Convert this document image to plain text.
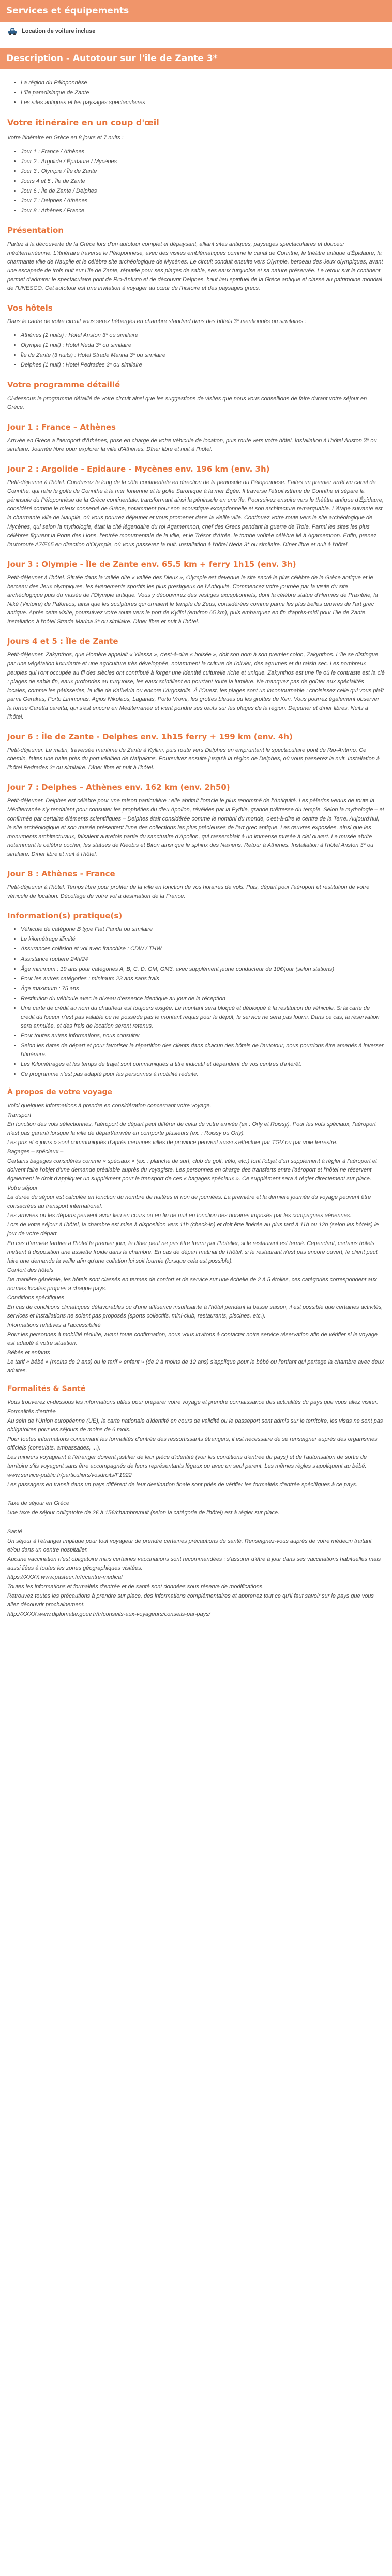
Services et équipements
Location de voiture incluse
Description - Autotour sur l'île de Zante 3*
• La région du Péloponnèse
• L'île paradisiaque de Zante
• Les sites antiques et les paysages spectaculaires
Votre itinéraire en un coup d'œil

Votre itinéraire en Grèce en 8 jours et 7 nuits :

• Jour 1 : France / Athènes
• Jour 2 : Argolide / Épidaure / Mycènes
• Jour 3 : Olympie / Île de Zante
• Jours 4 et 5 : Île de Zante
• Jour 6 : Île de Zante / Delphes
• Jour 7 : Delphes / Athènes
• Jour 8 : Athènes / France
Présentation

Partez à la découverte de la Grèce lors d'un autotour complet et dépaysant, alliant sites antiques, paysages spectaculaires et douceur méditerranéenne. L'itinéraire traverse le Péloponnèse, avec des visites emblématiques comme le canal de Corinthe, le théâtre antique d'Épidaure, la charmante ville de Nauplie et le célèbre site archéologique de Mycènes. Le circuit conduit ensuite vers Olympie, berceau des Jeux olympiques, avant une escapade de trois nuit sur l'île de Zante, réputée pour ses plages de sable, ses eaux turquoise et sa nature préservée. Le retour sur le continent permet d'admirer le spectaculaire pont de Rio-Antirrio et de découvrir Delphes, haut lieu spirituel de la Grèce antique et classé au patrimoine mondial de l'UNESCO. Cet autotour est une invitation à voyager au cœur de l'histoire et des paysages grecs.

Vos hôtels

Dans le cadre de votre circuit vous serez hébergés en chambre standard dans des hôtels 3* mentionnés ou similaires :

• Athènes (2 nuits) : Hotel Ariston 3* ou similaire
• Olympie (1 nuit) : Hotel Neda 3* ou similaire
• Île de Zante (3 nuits) : Hotel Strade Marina 3* ou similaire
• Delphes (1 nuit) : Hotel Pedrades 3* ou similaire
Votre programme détaillé

Ci-dessous le programme détaillé de votre circuit ainsi que les suggestions de visites que nous vous conseillons de faire durant votre séjour en Grèce.

Jour 1 : France – Athènes

Arrivée en Grèce à l'aéroport d'Athènes, prise en charge de votre véhicule de location, puis route vers votre hôtel. Installation à l'hôtel Ariston 3* ou similaire. Journée libre pour explorer la ville d'Athènes. Dîner libre et nuit à l'hôtel.

Jour 2 : Argolide - Epidaure - Mycènes env. 196 km (env. 3h)

Petit-déjeuner à l'hôtel. Conduisez le long de la côte continentale en direction de la péninsule du Péloponnèse. Faites un premier arrêt au canal de Corinthe, qui relie le golfe de Corinthe à la mer Ionienne et le golfe Saronique à la mer Égée. Il traverse l'étroit isthme de Corinthe et sépare la péninsule du Péloponnèse de la Grèce continentale, transformant ainsi la péninsule en une île. Poursuivez ensuite vers le théâtre antique d'Épidaure, considéré comme le mieux conservé de Grèce, notamment pour son acoustique exceptionnelle et son architecture remarquable. L'étape suivante est la charmante ville de Nauplie, où vous pourrez déjeuner et vous promener dans la vieille ville. Continuez votre route vers le site archéologique de Mycènes, qui selon la mythologie, était la cité légendaire du roi Agamemnon, chef des Grecs pendant la guerre de Troie. Parmi les sites les plus célèbres figurent la Porte des Lions, l'entrée monumentale de la ville, et le Trésor d'Atrée, le tombe voûtée célèbre lié à Agamemnon. Enfin, prenez l'autoroute A7/E65 en direction d'Olympie, où vous passerez la nuit. Installation à l'hôtel Neda 3* ou similaire. Dîner libre et nuit à l'hôtel.

Jour 3 : Olympie - Île de Zante env. 65.5 km + ferry 1h15 (env. 3h)

Petit-déjeuner à l'hôtel. Située dans la vallée dite « vallée des Dieux », Olympie est devenue le site sacré le plus célèbre de la Grèce antique et le berceau des Jeux olympiques, les événements sportifs les plus prestigieux de l'Antiquité. Commencez votre journée par la visite du site archéologique puis du musée de l'Olympie antique. Vous y découvrirez des vestiges exceptionnels, dont la célèbre statue d'Hermès de Praxitèle, la Niké (Victoire) de Païonios, ainsi que les sculptures qui ornaient le temple de Zeus, considérées comme parmi les plus belles œuvres de l'art grec antique. Après cette visite, poursuivez votre route vers le port de Kyllini (environ 65 km), puis embarquez en fin d'après-midi pour l'île de Zante. Installation à l'hôtel Strada Marina 3* ou similaire. Dîner libre et nuit à l'hôtel.

Jours 4 et 5 : Île de Zante

Petit-déjeuner. Zakynthos, que Homère appelait « Yliessa », c'est-à-dire « boisée », doit son nom à son premier colon, Zakynthos. L'île se distingue par une végétation luxuriante et une agriculture très développée, notamment la culture de l'olivier, des agrumes et du raisin sec. Les nombreux peuples qui l'ont occupée au fil des siècles ont contribué à forger une identité culturelle riche et unique. Zakynthos est une île où le contraste est la clé : plages de sable fin, eaux profondes au turquoise, les eaux scintillent en pourtant toute la lumière. Ne manquez pas de goûter aux spécialités locales, comme les pâtisseries, la ville de Kalivéria ou encore l'Argostolis. À l'Ouest, les plages sont un incontournable : choisissez celle qui vous plaît parmi Gerakas, Porto Limnionas, Agios Nikolaos, Laganas, Porto Vromi, les grottes bleues ou les grottes de Keri. Vous pourrez également observer la tortue Caretta caretta, qui s'est encore en Méditerranée et vient pondre ses œufs sur les plages de la région. Déjeuner et dîner libres. Nuits à l'hôtel.

Jour 6 : Île de Zante - Delphes env. 1h15 ferry + 199 km (env. 4h)

Petit-déjeuner. Le matin, traversée maritime de Zante à Kyllini, puis route vers Delphes en empruntant le spectaculaire pont de Rio-Antirrio. Ce chemin, faites une halte près du port vénitien de Nafpaktos. Poursuivez ensuite jusqu'à la région de Delphes, où vous passerez la nuit. Installation à l'hôtel Pedrades 3* ou similaire. Dîner libre et nuit à l'hôtel.

Jour 7 : Delphes – Athènes env. 162 km (env. 2h50)

Petit-déjeuner. Delphes est célèbre pour une raison particulière : elle abritait l'oracle le plus renommé de l'Antiquité. Les pèlerins venus de toute la Méditerranée s'y rendaient pour consulter les prophéties du dieu Apollon, révélées par la Pythie, grande prêtresse du temple. Selon la mythologie – et confirmée par certains éléments scientifiques – Delphes était considérée comme le nombril du monde, c'est-à-dire le centre de la Terre. Aujourd'hui, le site archéologique et son musée présentent l'une des collections les plus précieuses de l'art grec antique. Les œuvres exposées, ainsi que les monuments architecturaux, faisaient autrefois partie du sanctuaire d'Apollon, qui rassemblait à un immense musée à ciel ouvert. Le musée abrite notamment le célèbre cocher, les statues de Kléobis et Biton ainsi que le sphinx des Naxiens. Retour à Athènes. Installation à l'hôtel Ariston 3* ou similaire. Dîner libre et nuit à l'hôtel.

Jour 8 : Athènes - France

Petit-déjeuner à l'hôtel. Temps libre pour profiter de la ville en fonction de vos horaires de vols. Puis, départ pour l'aéroport et restitution de votre véhicule de location. Décollage de votre vol à destination de la France.

Information(s) pratique(s)
• Véhicule de catégorie B type Fiat Panda ou similaire
• Le kilométrage illimité
• Assurances collision et vol avec franchise : CDW / THW
• Assistance routière 24h/24
• Âge minimum : 19 ans pour catégories A, B, C, D, GM, GM3, avec supplément jeune conducteur de 10€/jour (selon stations)
• Pour les autres catégories : minimum 23 ans sans frais
• Âge maximum : 75 ans
• Restitution du véhicule avec le niveau d'essence identique au jour de la réception
• Une carte de crédit au nom du chauffeur est toujours exigée. Le montant sera bloqué et débloqué à la restitution du véhicule. Si la carte de crédit du loueur n'est pas valable ou ne possède pas le montant requis pour le dépôt, le service ne sera pas fourni. Dans ce cas, la réservation sera annulée, et des frais de location seront retenus.
• Pour toutes autres informations, nous consulter
• Selon les dates de départ et pour favoriser la répartition des clients dans chacun des hôtels de l'autotour, nous pourrions être amenés à inverser l'itinéraire.
• Les Kilométrages et les temps de trajet sont communiqués à titre indicatif et dépendent de vos centres d'intérêt.
• Ce programme n'est pas adapté pour les personnes à mobilité réduite.
À propos de votre voyage

Voici quelques informations à prendre en considération concernant votre voyage.

Transport

En fonction des vols sélectionnés, l'aéroport de départ peut différer de celui de votre arrivée (ex : Orly et Roissy). Pour les vols spéciaux, l'aéroport n'est pas garanti lorsque la ville de départ/arrivée en comporte plusieurs (ex. : Roissy ou Orly).

Les prix et « jours » sont communiqués d'après certaines villes de province peuvent aussi s'effectuer par TGV ou par voie terrestre.

Bagages – spécieux –

Certains bagages considérés comme « spéciaux » (ex. : planche de surf, club de golf, vélo, etc.) font l'objet d'un supplément à régler à l'aéroport et doivent faire l'objet d'une demande préalable auprès du voyagiste. Les personnes en charge des transferts entre l'aéroport et l'hôtel ne réservent également le droit d'appliquer un supplément pour le transport de ces « bagages spéciaux ». Ce supplément sera à régler directement sur place.

Votre séjour

La durée du séjour est calculée en fonction du nombre de nuitées et non de journées. La première et la dernière journée du voyage peuvent être consacrées au transport international.

Les arrivées ou les départs peuvent avoir lieu en cours ou en fin de nuit en fonction des horaires imposés par les compagnies aériennes.

Lors de votre séjour à l'hôtel, la chambre est mise à disposition vers 11h (check-in) et doit être libérée au plus tard à 11h ou 12h (selon les hôtels) le jour de votre départ.

En cas d'arrivée tardive à l'hôtel le premier jour, le dîner peut ne pas être fourni par l'hôtelier, si le restaurant est fermé. Cependant, certains hôtels mettent à disposition une assiette froide dans la chambre. En cas de départ matinal de l'hôtel, si le restaurant n'est pas encore ouvert, le client peut faire une demande la veille afin qu'une collation lui soit fournie (lorsque cela est possible).

Confort des hôtels

De manière générale, les hôtels sont classés en termes de confort et de service sur une échelle de 2 à 5 étoiles, ces catégories correspondent aux normes locales propres à chaque pays.

Conditions spécifiques

En cas de conditions climatiques défavorables ou d'une affluence insuffisante à l'hôtel pendant la basse saison, il est possible que certaines activités, services et installations ne soient pas proposés (sports collectifs, mini-club, restaurants, piscines, etc.).

Informations relatives à l'accessibilité

Pour les personnes à mobilité réduite, avant toute confirmation, nous vous invitons à contacter notre service réservation afin de vérifier si le voyage est adapté à votre situation.

Bébés et enfants

Le tarif « bébé » (moins de 2 ans) ou le tarif « enfant » (de 2 à moins de 12 ans) s'applique pour le bébé ou l'enfant qui partage la chambre avec deux adultes.

Formalités & Santé

Vous trouverez ci-dessous les informations utiles pour préparer votre voyage et prendre connaissance des actualités du pays que vous allez visiter.

Formalités d'entrée

Au sein de l'Union européenne (UE), la carte nationale d'identité en cours de validité ou le passeport sont admis sur le territoire, les visas ne sont pas obligatoires pour les séjours de moins de 6 mois.

Pour toutes informations concernant les formalités d'entrée des ressortissants étrangers, il est nécessaire de se renseigner auprès des organismes officiels (consulats, ambassades, ...).

Les mineurs voyageant à l'étranger doivent justifier de leur pièce d'identité (voir les conditions d'entrée du pays) et de l'autorisation de sortie de territoire s'ils voyagent sans être accompagnés de leurs représentants légaux ou avec un seul parent. Les mêmes règles s'appliquent au bébé.

www.service-public.fr/particuliers/vosdroits/F1922

Les passagers en transit dans un pays différent de leur destination finale sont priés de vérifier les formalités d'entrée spécifiques à ce pays.

Taxe de séjour en Grèce

Une taxe de séjour obligatoire de 2€ à 15€/chambre/nuit (selon la catégorie de l'hôtel) est à régler sur place.

Santé

Un séjour à l'étranger implique pour tout voyageur de prendre certaines précautions de santé. Renseignez-vous auprès de votre médecin traitant et/ou dans un centre hospitalier.

Aucune vaccination n'est obligatoire mais certaines vaccinations sont recommandées : s'assurer d'être à jour dans ses vaccinations habituelles mais aussi liées à toutes les zones géographiques visitées.

https://XXXX.www.pasteur.fr/fr/centre-medical

Toutes les informations et formalités d'entrée et de santé sont données sous réserve de modifications.

Retrouvez toutes les précautions à prendre sur place, des informations complémentaires et apprenez tout ce qu'il faut savoir sur le pays que vous allez découvrir prochainement.

http://XXXX.www.diplomatie.gouv.fr/fr/conseils-aux-voyageurs/conseils-par-pays/
